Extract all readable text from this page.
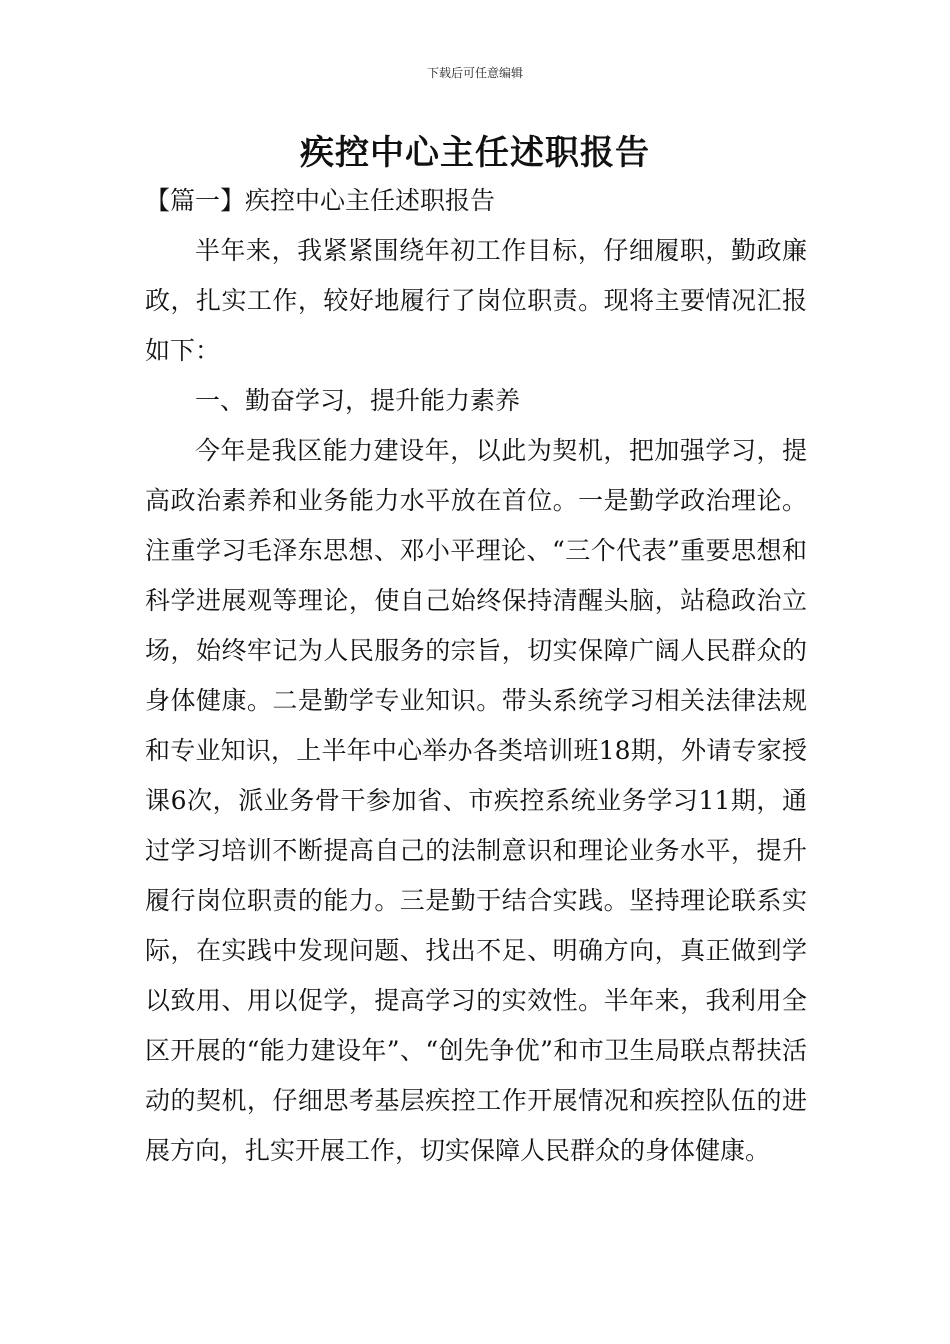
下载后可任意编辑
疾控中心主任述职报告

【篇一】疾控中心主任述职报告

半年来，我紧紧围绕年初工作目标，仔细履职，勤政廉政，扎实工作，较好地履行了岗位职责。现将主要情况汇报如下：

一、勤奋学习，提升能力素养

今年是我区能力建设年，以此为契机，把加强学习，提高政治素养和业务能力水平放在首位。一是勤学政治理论。注重学习毛泽东思想、邓小平理论、“三个代表”重要思想和科学进展观等理论，使自己始终保持清醒头脑，站稳政治立场，始终牢记为人民服务的宗旨，切实保障广阔人民群众的身体健康。二是勤学专业知识。带头系统学习相关法律法规和专业知识，上半年中心举办各类培训班18期，外请专家授课6次，派业务骨干参加省、市疾控系统业务学习11期，通过学习培训不断提高自己的法制意识和理论业务水平，提升履行岗位职责的能力。三是勤于结合实践。坚持理论联系实际，在实践中发现问题、找出不足、明确方向，真正做到学以致用、用以促学，提高学习的实效性。半年来，我利用全区开展的“能力建设年”、“创先争优”和市卫生局联点帮扶活动的契机，仔细思考基层疾控工作开展情况和疾控队伍的进展方向，扎实开展工作，切实保障人民群众的身体健康。
